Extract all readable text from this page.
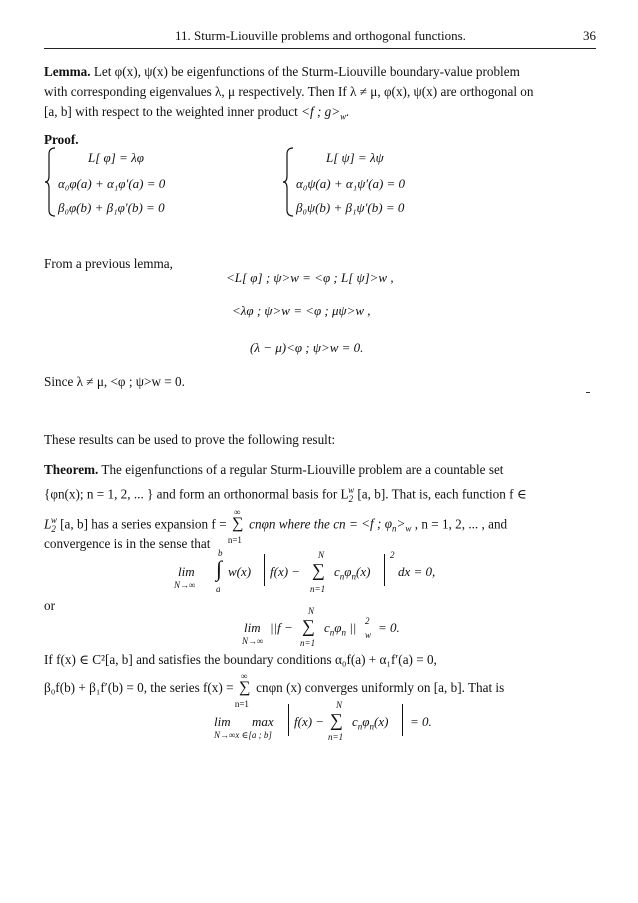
11. Sturm-Liouville problems and orthogonal functions.	36
Lemma. Let φ(x), ψ(x) be eigenfunctions of the Sturm-Liouville boundary-value problem
with corresponding eigenvalues λ, μ respectively. Then If λ ≠ μ, φ(x), ψ(x) are orthogonal on
[a, b] with respect to the weighted inner product <f ; $g>_w$.
Proof.
L[ φ] = λφ
α₀φ(a) + α₁φ′(a) = 0
β₀φ(b) + β₁φ′(b) = 0
L[ ψ] = λψ
α₀ψ(a) + α₁ψ′(a) = 0
β₀ψ(b) + β₁ψ′(b) = 0
From a previous lemma,
<L[ φ] ; ψ>w = <φ ; L[ ψ]>w ,
<λφ ; ψ>w = <φ ; μψ>w ,
(λ − μ)<φ ; ψ>w = 0.
Since λ ≠ μ, <φ ; ψ>w = 0.
These results can be used to prove the following result:
Theorem. The eigenfunctions of a regular Sturm-Liouville problem are a countable set
{φn(x); n = 1, 2, ... } and form an orthonormal basis for $L_2^w$ [a, b]. That is, each function f ∈
$L_2^w$ [a, b] has a series expansion f =
∞
∑
n=1
cnφn where the cn = <f ; $\varphi_n>_w$ , n = 1, 2, ... , and
convergence is in the sense that
lim
N→∞
b
∫
a
w(x) f(x) −
N
∑
n=1
$c_n\varphi_n(x)$
2
dx = 0,
or
lim
N→∞
||f −
N
∑
n=1
$c_n\varphi_n$ || 2
w = 0.
If f(x) ∈ C²[a, b] and satisfies the boundary conditions α₀f(a) + α₁f′(a) = 0,
β₀f(b) + β₁f′(b) = 0, the series f(x) =
∞
∑
n=1
cnφn (x) converges uniformly on [a, b]. That is
lim max
N→∞x ∈[a ; b]
f(x) −
N
∑
n=1
$c_n\varphi_n(x) = 0$.
